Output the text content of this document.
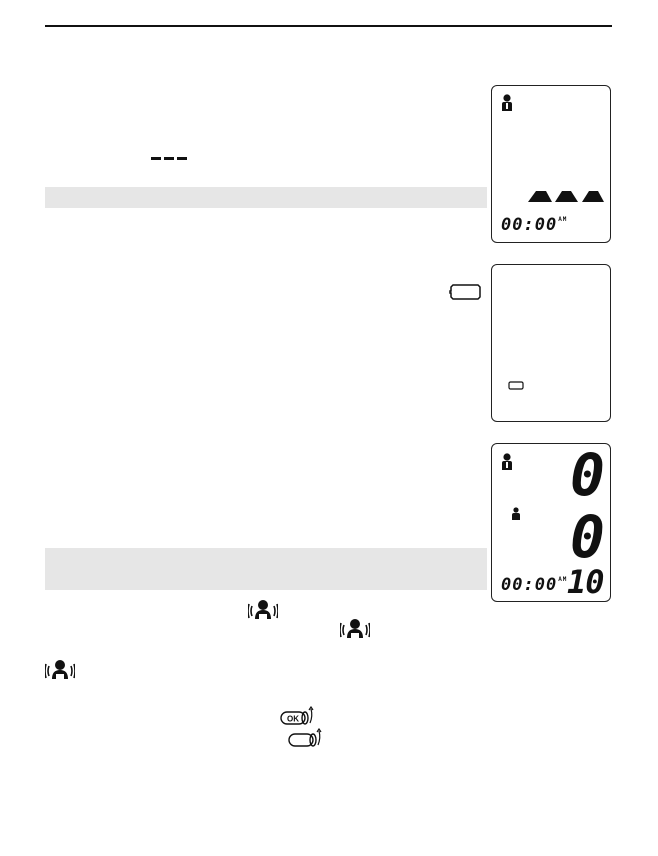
$00:00^{AM}$
0
0
$00:00^{AM}$ 10
OK
